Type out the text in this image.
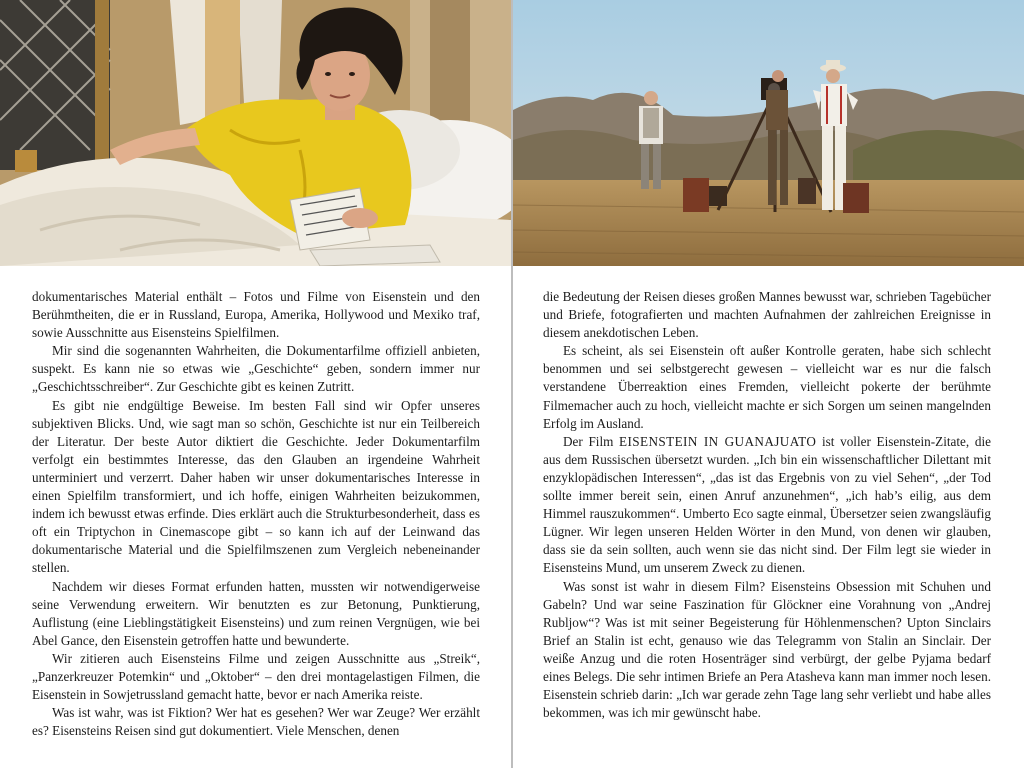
dokumentarisches Material enthält – Fotos und Filme von Eisenstein und den Berühmtheiten, die er in Russland, Europa, Amerika, Hollywood und Mexiko traf, sowie Ausschnitte aus Eisensteins Spielfilmen.

Mir sind die sogenannten Wahrheiten, die Dokumentarfilme offiziell anbieten, suspekt. Es kann nie so etwas wie „Geschichte“ geben, sondern immer nur „Geschichtsschreiber“. Zur Geschichte gibt es keinen Zutritt.

Es gibt nie endgültige Beweise. Im besten Fall sind wir Opfer unseres subjektiven Blicks. Und, wie sagt man so schön, Geschichte ist nur ein Teilbereich der Literatur. Der beste Autor diktiert die Geschichte. Jeder Dokumentarfilm verfolgt ein bestimmtes Interesse, das den Glauben an irgendeine Wahrheit unterminiert und verzerrt. Daher haben wir unser dokumentarisches Interesse in einen Spielfilm transformiert, und ich hoffe, einigen Wahrheiten beizukommen, indem ich bewusst etwas erfinde. Dies erklärt auch die Strukturbesonderheit, dass es oft ein Triptychon in Cinemascope gibt – so kann ich auf der Leinwand das dokumentarische Material und die Spielfilmszenen zum Vergleich nebeneinander stellen.

Nachdem wir dieses Format erfunden hatten, mussten wir notwendigerweise seine Verwendung erweitern. Wir benutzten es zur Betonung, Punktierung, Auflistung (eine Lieblingstätigkeit Eisensteins) und zum reinen Vergnügen, wie bei Abel Gance, den Eisenstein getroffen hatte und bewunderte.

Wir zitieren auch Eisensteins Filme und zeigen Ausschnitte aus „Streik“, „Panzerkreuzer Potemkin“ und „Oktober“ – den drei montagelastigen Filmen, die Eisenstein in Sowjetrussland gemacht hatte, bevor er nach Amerika reiste.

Was ist wahr, was ist Fiktion? Wer hat es gesehen? Wer war Zeuge? Wer erzählt es? Eisensteins Reisen sind gut dokumentiert. Viele Menschen, denen

die Bedeutung der Reisen dieses großen Mannes bewusst war, schrieben Tagebücher und Briefe, fotografierten und machten Aufnahmen der zahlreichen Ereignisse in diesem anekdotischen Leben.

Es scheint, als sei Eisenstein oft außer Kontrolle geraten, habe sich schlecht benommen und sei selbstgerecht gewesen – vielleicht war es nur die falsch verstandene Überreaktion eines Fremden, vielleicht pokerte der berühmte Filmemacher auch zu hoch, vielleicht machte er sich Sorgen um seinen mangelnden Erfolg im Ausland.

Der Film EISENSTEIN IN GUANAJUATO ist voller Eisenstein-Zitate, die aus dem Russischen übersetzt wurden. „Ich bin ein wissenschaftlicher Dilettant mit enzyklopädischen Interessen“, „das ist das Ergebnis von zu viel Sehen“, „der Tod sollte immer bereit sein, einen Anruf anzunehmen“, „ich hab’s eilig, aus dem Himmel rauszukommen“. Umberto Eco sagte einmal, Übersetzer seien zwangsläufig Lügner. Wir legen unseren Helden Wörter in den Mund, von denen wir glauben, dass sie da sein sollten, auch wenn sie das nicht sind. Der Film legt sie wieder in Eisensteins Mund, um unserem Zweck zu dienen.

Was sonst ist wahr in diesem Film? Eisensteins Obsession mit Schuhen und Gabeln? Und war seine Faszination für Glöckner eine Vorahnung von „Andrej Rubljow“? Was ist mit seiner Begeisterung für Höhlenmenschen? Upton Sinclairs Brief an Stalin ist echt, genauso wie das Telegramm von Stalin an Sinclair. Der weiße Anzug und die roten Hosenträger sind verbürgt, der gelbe Pyjama bedarf eines Belegs. Die sehr intimen Briefe an Pera Atasheva kann man immer noch lesen. Eisenstein schrieb darin: „Ich war gerade zehn Tage lang sehr verliebt und habe alles bekommen, was ich mir gewünscht habe.
